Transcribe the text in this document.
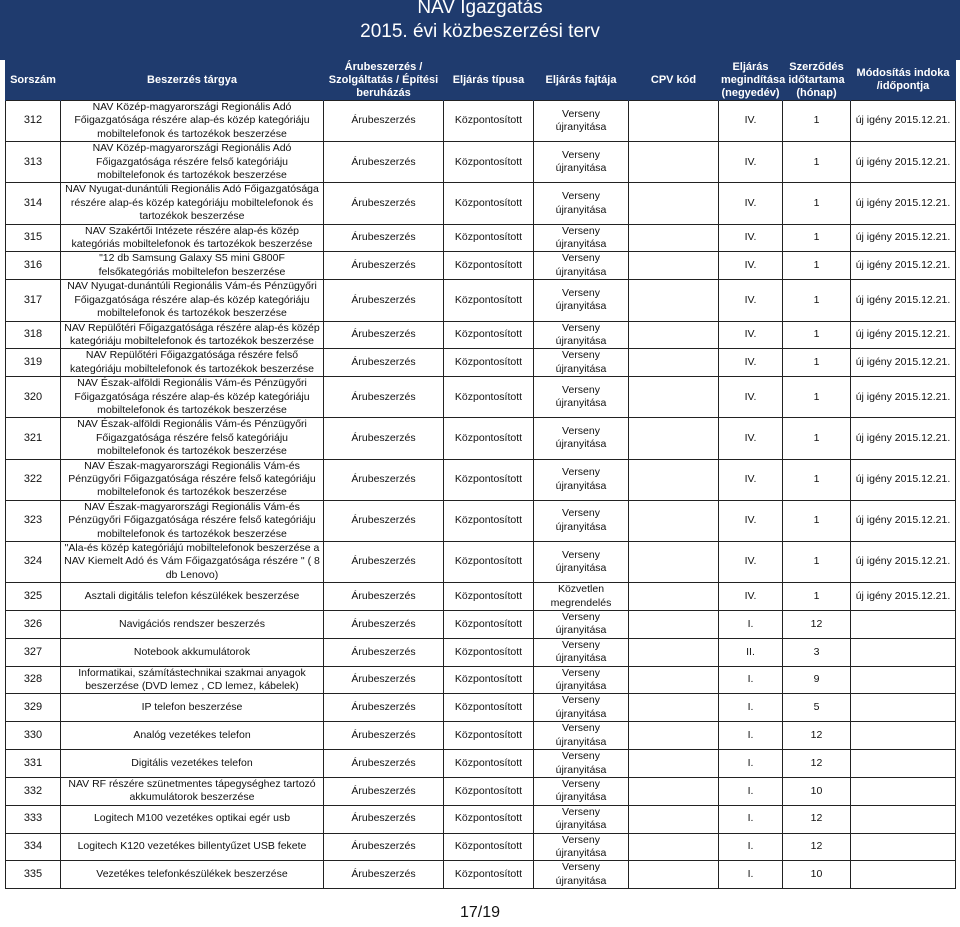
NAV Igazgatás
2015. évi közbeszerzési terv
Sorszám	Beszerzés tárgya	Árubeszerzés / Szolgáltatás / Építési beruházás	Eljárás típusa	Eljárás fajtája	CPV kód	Eljárás megindítása (negyedév)	Szerződés időtartama (hónap)	Módosítás indoka /időpontja
312	NAV Közép-magyarországi Regionális Adó Főigazgatósága részére alap-és közép kategóriáju mobiltelefonok és tartozékok beszerzése	Árubeszerzés	Központosított	Verseny újranyitása		IV.	1	új igény 2015.12.21.
313	NAV Közép-magyarországi Regionális Adó Főigazgatósága részére felső kategóriáju mobiltelefonok és tartozékok beszerzése	Árubeszerzés	Központosított	Verseny újranyitása		IV.	1	új igény 2015.12.21.
314	NAV Nyugat-dunántúli Regionális Adó Főigazgatósága részére alap-és közép kategóriáju mobiltelefonok és tartozékok beszerzése	Árubeszerzés	Központosított	Verseny újranyitása		IV.	1	új igény 2015.12.21.
315	NAV Szakértői Intézete részére alap-és közép kategóriás mobiltelefonok és tartozékok beszerzése	Árubeszerzés	Központosított	Verseny újranyitása		IV.	1	új igény 2015.12.21.
316	"12 db Samsung Galaxy S5 mini G800F felsőkategóriás mobiltelefon beszerzése	Árubeszerzés	Központosított	Verseny újranyitása		IV.	1	új igény 2015.12.21.
317	NAV Nyugat-dunántúli Regionális Vám-és Pénzügyőri Főigazgatósága részére alap-és közép kategóriáju mobiltelefonok és tartozékok beszerzése	Árubeszerzés	Központosított	Verseny újranyitása		IV.	1	új igény 2015.12.21.
318	NAV Repülőtéri Főigazgatósága részére alap-és közép kategóriáju mobiltelefonok és tartozékok beszerzése	Árubeszerzés	Központosított	Verseny újranyitása		IV.	1	új igény 2015.12.21.
319	NAV Repülőtéri Főigazgatósága részére felső kategóriáju mobiltelefonok és tartozékok beszerzése	Árubeszerzés	Központosított	Verseny újranyitása		IV.	1	új igény 2015.12.21.
320	NAV Észak-alföldi Regionális Vám-és Pénzügyőri Főigazgatósága részére alap-és közép kategóriáju mobiltelefonok és tartozékok beszerzése	Árubeszerzés	Központosított	Verseny újranyitása		IV.	1	új igény 2015.12.21.
321	NAV Észak-alföldi Regionális Vám-és Pénzügyőri Főigazgatósága részére felső kategóriáju mobiltelefonok és tartozékok beszerzése	Árubeszerzés	Központosított	Verseny újranyitása		IV.	1	új igény 2015.12.21.
322	NAV Észak-magyarországi Regionális Vám-és Pénzügyőri Főigazgatósága részére felső kategóriáju mobiltelefonok és tartozékok beszerzése	Árubeszerzés	Központosított	Verseny újranyitása		IV.	1	új igény 2015.12.21.
323	NAV Észak-magyarországi Regionális Vám-és Pénzügyőri Főigazgatósága részére felső kategóriáju mobiltelefonok és tartozékok beszerzése	Árubeszerzés	Központosított	Verseny újranyitása		IV.	1	új igény 2015.12.21.
324	"Ala-és közép kategóriájú mobiltelefonok beszerzése a NAV Kiemelt Adó és Vám Főigazgatósága részére " ( 8 db Lenovo)	Árubeszerzés	Központosított	Verseny újranyitása		IV.	1	új igény 2015.12.21.
325	Asztali digitális telefon készülékek beszerzése	Árubeszerzés	Központosított	Közvetlen megrendelés		IV.	1	új igény 2015.12.21.
326	Navigációs rendszer beszerzés	Árubeszerzés	Központosított	Verseny újranyitása		I.	12	
327	Notebook akkumulátorok	Árubeszerzés	Központosított	Verseny újranyitása		II.	3	
328	Informatikai, számítástechnikai szakmai anyagok beszerzése (DVD lemez , CD lemez, kábelek)	Árubeszerzés	Központosított	Verseny újranyitása		I.	9	
329	IP telefon beszerzése	Árubeszerzés	Központosított	Verseny újranyitása		I.	5	
330	Analóg vezetékes telefon	Árubeszerzés	Központosított	Verseny újranyitása		I.	12	
331	Digitális vezetékes telefon	Árubeszerzés	Központosított	Verseny újranyitása		I.	12	
332	NAV RF részére szünetmentes tápegységhez tartozó akkumulátorok beszerzése	Árubeszerzés	Központosított	Verseny újranyitása		I.	10	
333	Logitech M100 vezetékes optikai egér usb	Árubeszerzés	Központosított	Verseny újranyitása		I.	12	
334	Logitech K120 vezetékes billentyűzet USB fekete	Árubeszerzés	Központosított	Verseny újranyitása		I.	12	
335	Vezetékes telefonkészülékek beszerzése	Árubeszerzés	Központosított	Verseny újranyitása		I.	10	
17/19
